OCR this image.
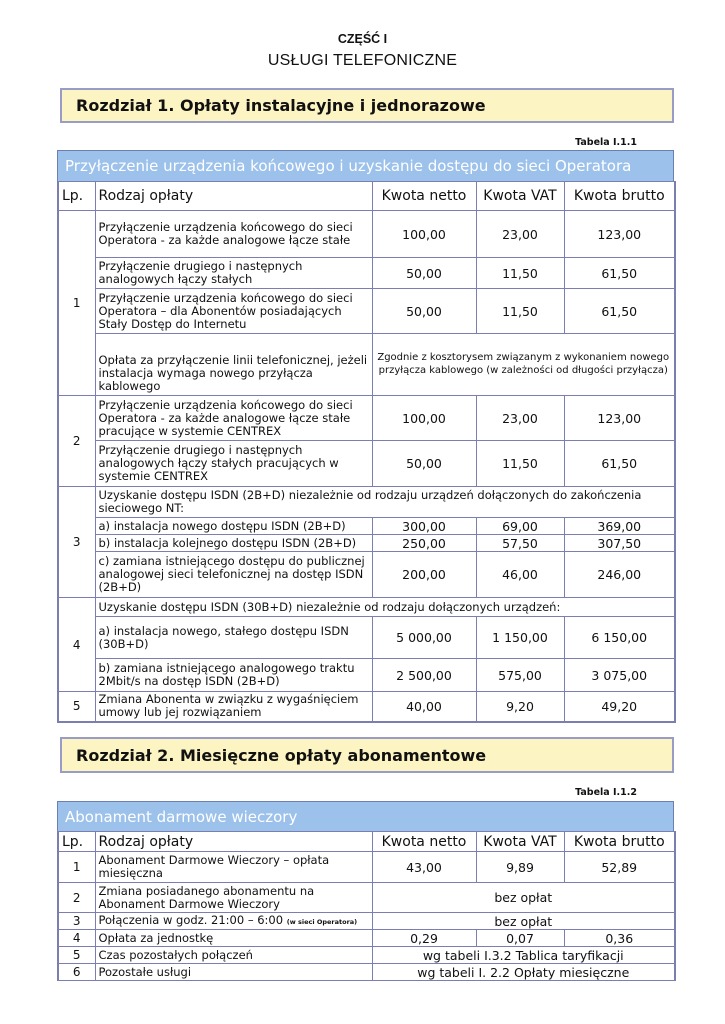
CZĘŚĆ I
USŁUGI TELEFONICZNE
Rozdział 1. Opłaty instalacyjne i jednorazowe
Tabela I.1.1
Przyłączenie urządzenia końcowego i uzyskanie dostępu do sieci Operatora
Lp.	Rodzaj opłaty	Kwota netto	Kwota VAT	Kwota brutto
1	Przyłączenie urządzenia końcowego do sieci Operatora - za każde analogowe łącze stałe	100,00	23,00	123,00
	Przyłączenie drugiego i następnych analogowych łączy stałych	50,00	11,50	61,50
	Przyłączenie urządzenia końcowego do sieci Operatora – dla Abonentów posiadających Stały Dostęp do Internetu	50,00	11,50	61,50
	Opłata za przyłączenie linii telefonicznej, jeżeli instalacja wymaga nowego przyłącza kablowego	Zgodnie z kosztorysem związanym z wykonaniem nowego przyłącza kablowego (w zależności od długości przyłącza)		
2	Przyłączenie urządzenia końcowego do sieci Operatora - za każde analogowe łącze stałe pracujące w systemie CENTREX	100,00	23,00	123,00
	Przyłączenie drugiego i następnych analogowych łączy stałych pracujących w systemie CENTREX	50,00	11,50	61,50
3	Uzyskanie dostępu ISDN (2B+D) niezależnie od rodzaju urządzeń dołączonych do zakończenia sieciowego NT:			
	a) instalacja nowego dostępu ISDN (2B+D)	300,00	69,00	369,00
	b) instalacja kolejnego dostępu ISDN (2B+D)	250,00	57,50	307,50
	c) zamiana istniejącego dostępu do publicznej analogowej sieci telefonicznej na dostęp ISDN (2B+D)	200,00	46,00	246,00
4	Uzyskanie dostępu ISDN (30B+D) niezależnie od rodzaju dołączonych urządzeń:			
	a) instalacja nowego, stałego dostępu ISDN (30B+D)	5 000,00	1 150,00	6 150,00
	b) zamiana istniejącego analogowego traktu 2Mbit/s na dostęp ISDN (2B+D)	2 500,00	575,00	3 075,00
5	Zmiana Abonenta w związku z wygaśnięciem umowy lub jej rozwiązaniem	40,00	9,20	49,20
Rozdział 2. Miesięczne opłaty abonamentowe
Tabela I.1.2
Abonament darmowe wieczory
Lp.	Rodzaj opłaty	Kwota netto	Kwota VAT	Kwota brutto
1	Abonament Darmowe Wieczory – opłata miesięczna	43,00	9,89	52,89
2	Zmiana posiadanego abonamentu na Abonament Darmowe Wieczory	bez opłat		
3	Połączenia w godz. 21:00 – 6:00 (w sieci Operatora)	bez opłat		
4	Opłata za jednostkę	0,29	0,07	0,36
5	Czas pozostałych połączeń	wg tabeli I.3.2 Tablica taryfikacji		
6	Pozostałe usługi	wg tabeli I. 2.2 Opłaty miesięczne		
